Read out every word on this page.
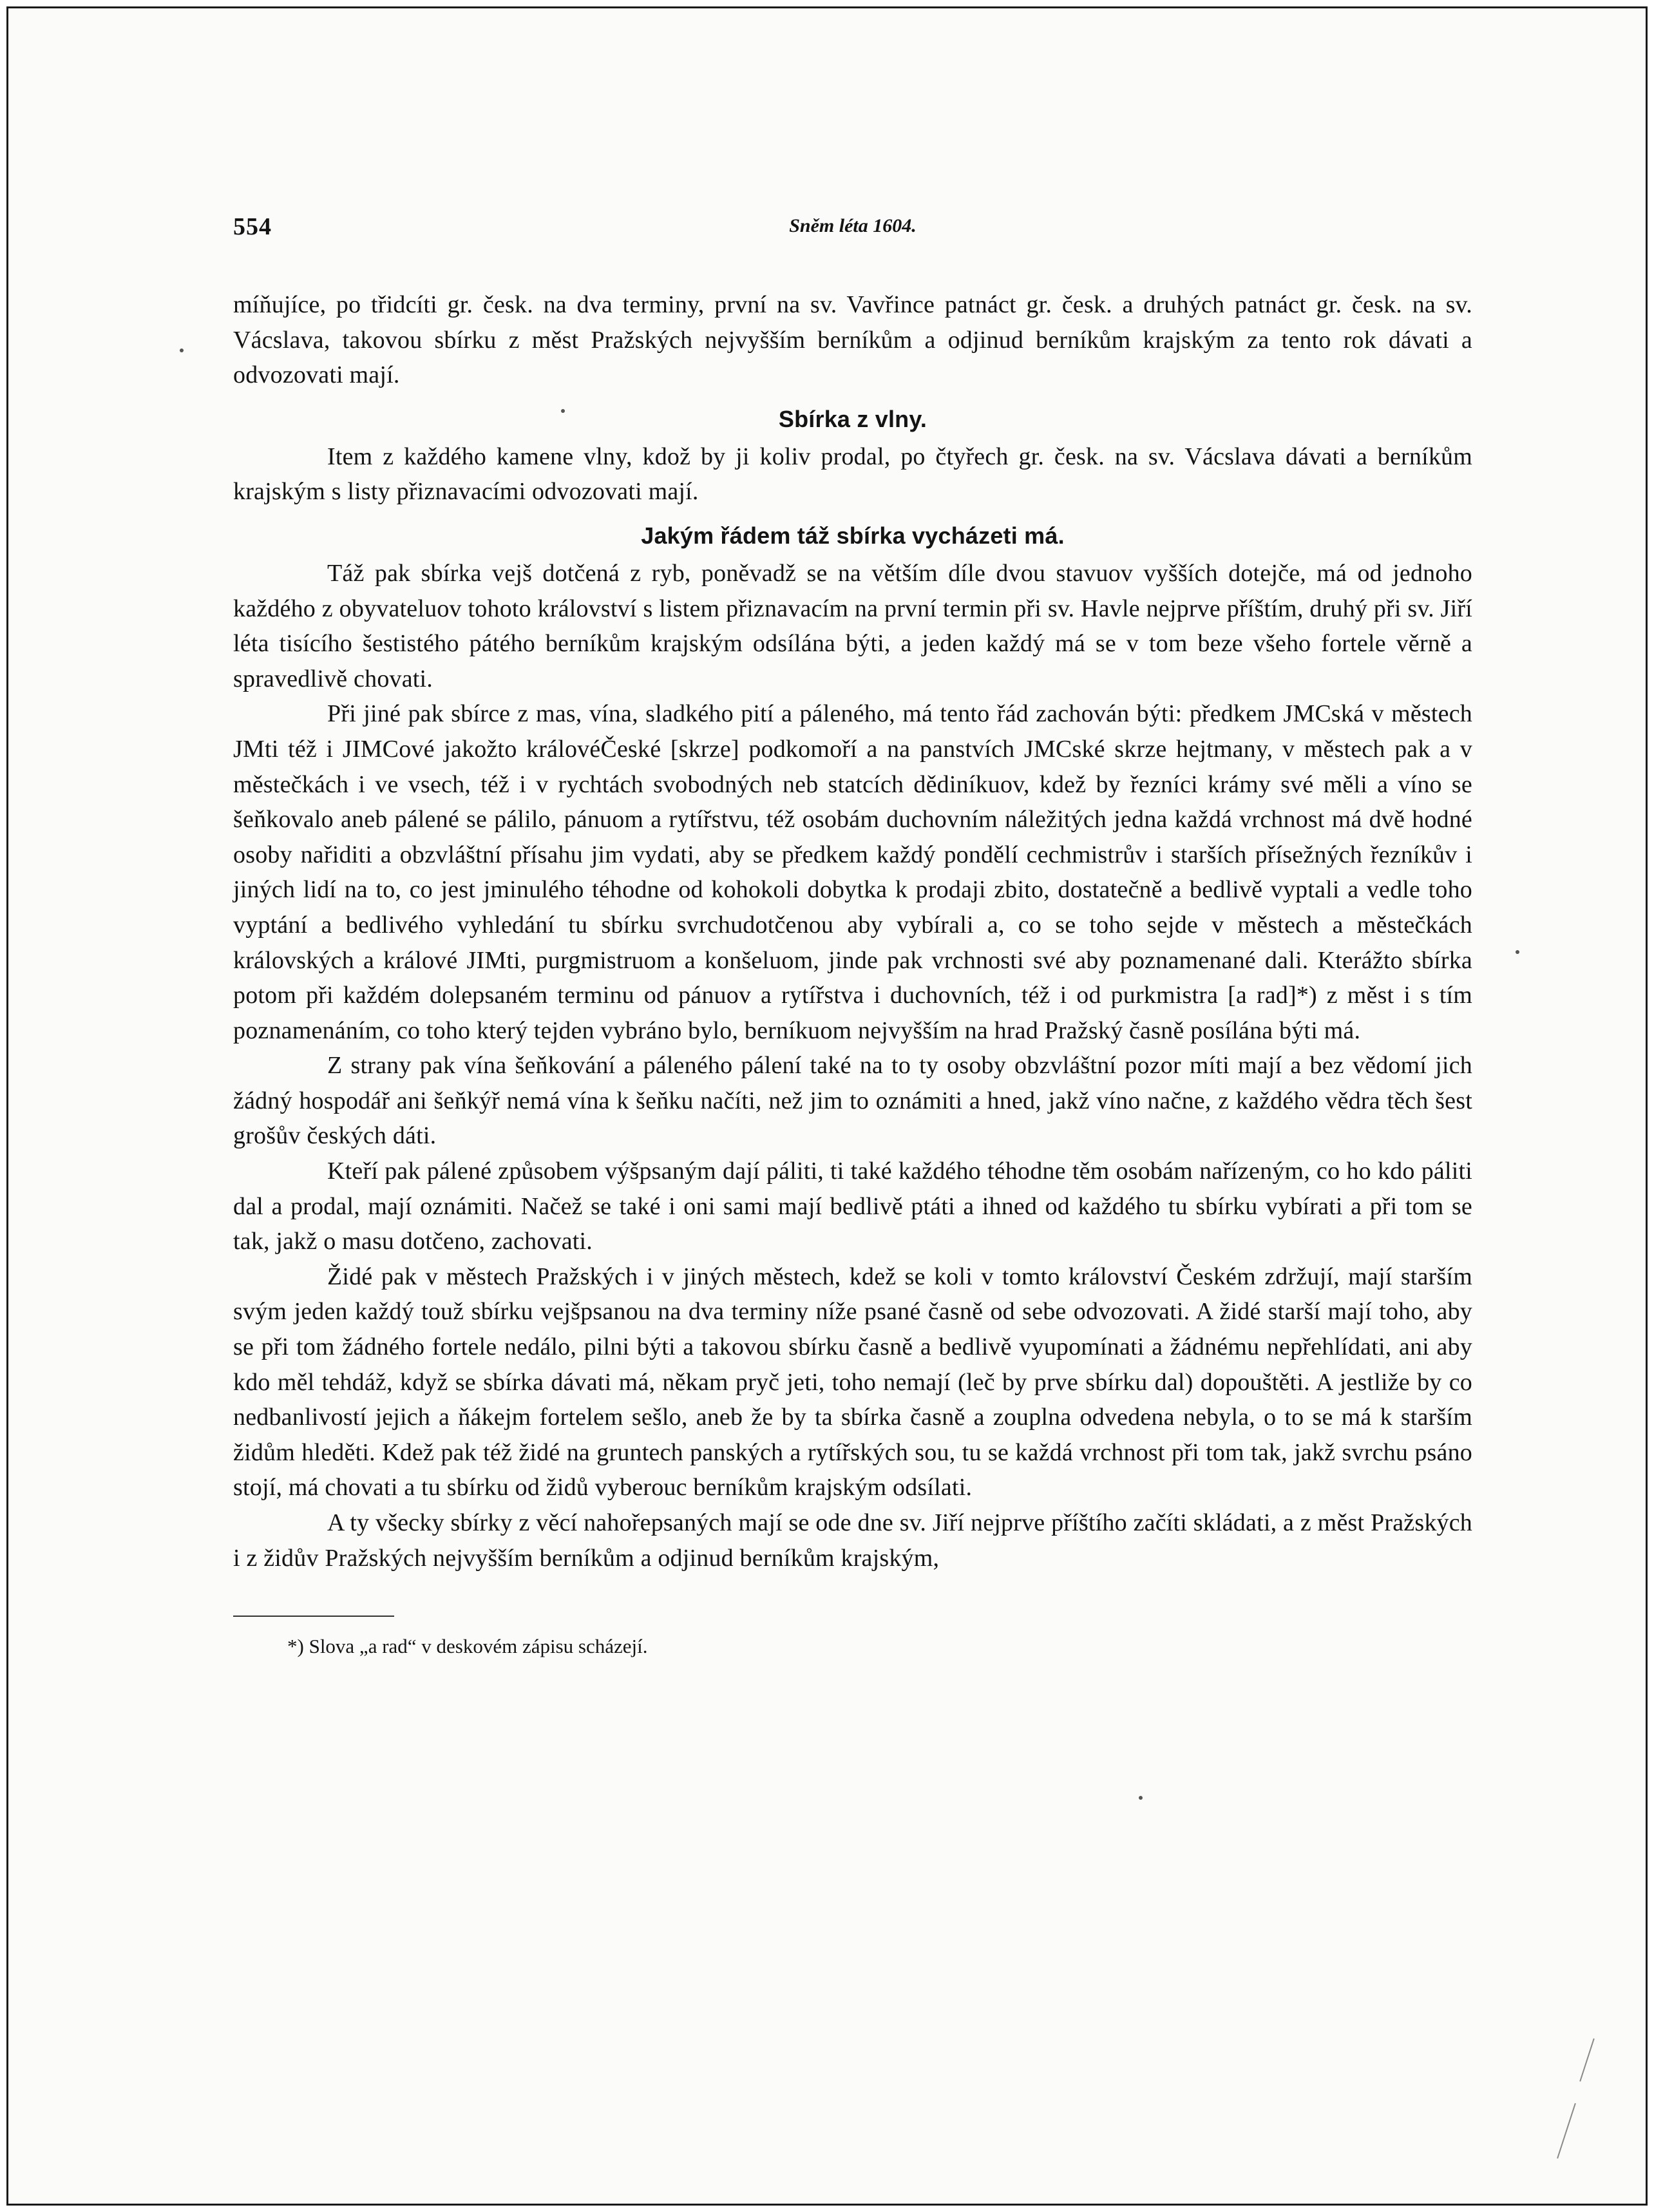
554	Sněm léta 1604.

míňujíce, po třidcíti gr. česk. na dva terminy, první na sv. Vavřince patnáct gr. česk. a druhých patnáct gr. česk. na sv. Vácslava, takovou sbírku z měst Pražských nejvyšším berníkům a odjinud berníkům krajským za tento rok dávati a odvozovati mají.

Sbírka z vlny.

Item z každého kamene vlny, kdož by ji koliv prodal, po čtyřech gr. česk. na sv. Vácslava dávati a berníkům krajským s listy přiznavacími odvozovati mají.

Jakým řádem táž sbírka vycházeti má.

Táž pak sbírka vejš dotčená z ryb, poněvadž se na větším díle dvou stavuov vyšších dotejče, má od jednoho každého z obyvateluov tohoto království s listem přiznavacím na první termin při sv. Havle nejprve příštím, druhý při sv. Jiří léta tisícího šestistého pátého berníkům krajským odsílána býti, a jeden každý má se v tom beze všeho fortele věrně a spravedlivě chovati.

Při jiné pak sbírce z mas, vína, sladkého pití a páleného, má tento řád zachován býti: předkem JMCská v městech JMti též i JIMCové jakožto královéČeské [skrze] podkomoří a na panstvích JMCské skrze hejtmany, v městech pak a v městečkách i ve vsech, též i v rychtách svobodných neb statcích dědiníkuov, kdež by řezníci krámy své měli a víno se šeňkovalo aneb pálené se pálilo, pánuom a rytířstvu, též osobám duchovním náležitých jedna každá vrchnost má dvě hodné osoby nařiditi a obzvláštní přísahu jim vydati, aby se předkem každý pondělí cechmistrův i starších přísežných řezníkův i jiných lidí na to, co jest jminulého téhodne od kohokoli dobytka k prodaji zbito, dostatečně a bedlivě vyptali a vedle toho vyptání a bedlivého vyhledání tu sbírku svrchudotčenou aby vybírali a, co se toho sejde v městech a městečkách královských a králové JIMti, purgmistruom a konšeluom, jinde pak vrchnosti své aby poznamenané dali. Kterážto sbírka potom při každém dolepsaném terminu od pánuov a rytířstva i duchovních, též i od purkmistra [a rad]*) z měst i s tím poznamenáním, co toho který tejden vybráno bylo, berníkuom nejvyšším na hrad Pražský časně posílána býti má.

Z strany pak vína šeňkování a páleného pálení také na to ty osoby obzvláštní pozor míti mají a bez vědomí jich žádný hospodář ani šeňkýř nemá vína k šeňku načíti, než jim to oznámiti a hned, jakž víno načne, z každého vědra těch šest grošův českých dáti.

Kteří pak pálené způsobem výšpsaným dají páliti, ti také každého téhodne těm osobám nařízeným, co ho kdo páliti dal a prodal, mají oznámiti. Načež se také i oni sami mají bedlivě ptáti a ihned od každého tu sbírku vybírati a při tom se tak, jakž o masu dotčeno, zachovati.

Židé pak v městech Pražských i v jiných městech, kdež se koli v tomto království Českém zdržují, mají starším svým jeden každý touž sbírku vejšpsanou na dva terminy níže psané časně od sebe odvozovati. A židé starší mají toho, aby se při tom žádného fortele nedálo, pilni býti a takovou sbírku časně a bedlivě vyupomínati a žádnému nepřehlídati, ani aby kdo měl tehdáž, když se sbírka dávati má, někam pryč jeti, toho nemají (leč by prve sbírku dal) dopouštěti. A jestliže by co nedbanlivostí jejich a ňákejm fortelem sešlo, aneb že by ta sbírka časně a zouplna odvedena nebyla, o to se má k starším židům hleděti. Kdež pak též židé na gruntech panských a rytířských sou, tu se každá vrchnost při tom tak, jakž svrchu psáno stojí, má chovati a tu sbírku od židů vyberouc berníkům krajským odsílati.

A ty všecky sbírky z věcí nahořepsaných mají se ode dne sv. Jiří nejprve příštího začíti skládati, a z měst Pražských i z židův Pražských nejvyšším berníkům a odjinud berníkům krajským,

*) Slova „a rad“ v deskovém zápisu scházejí.
